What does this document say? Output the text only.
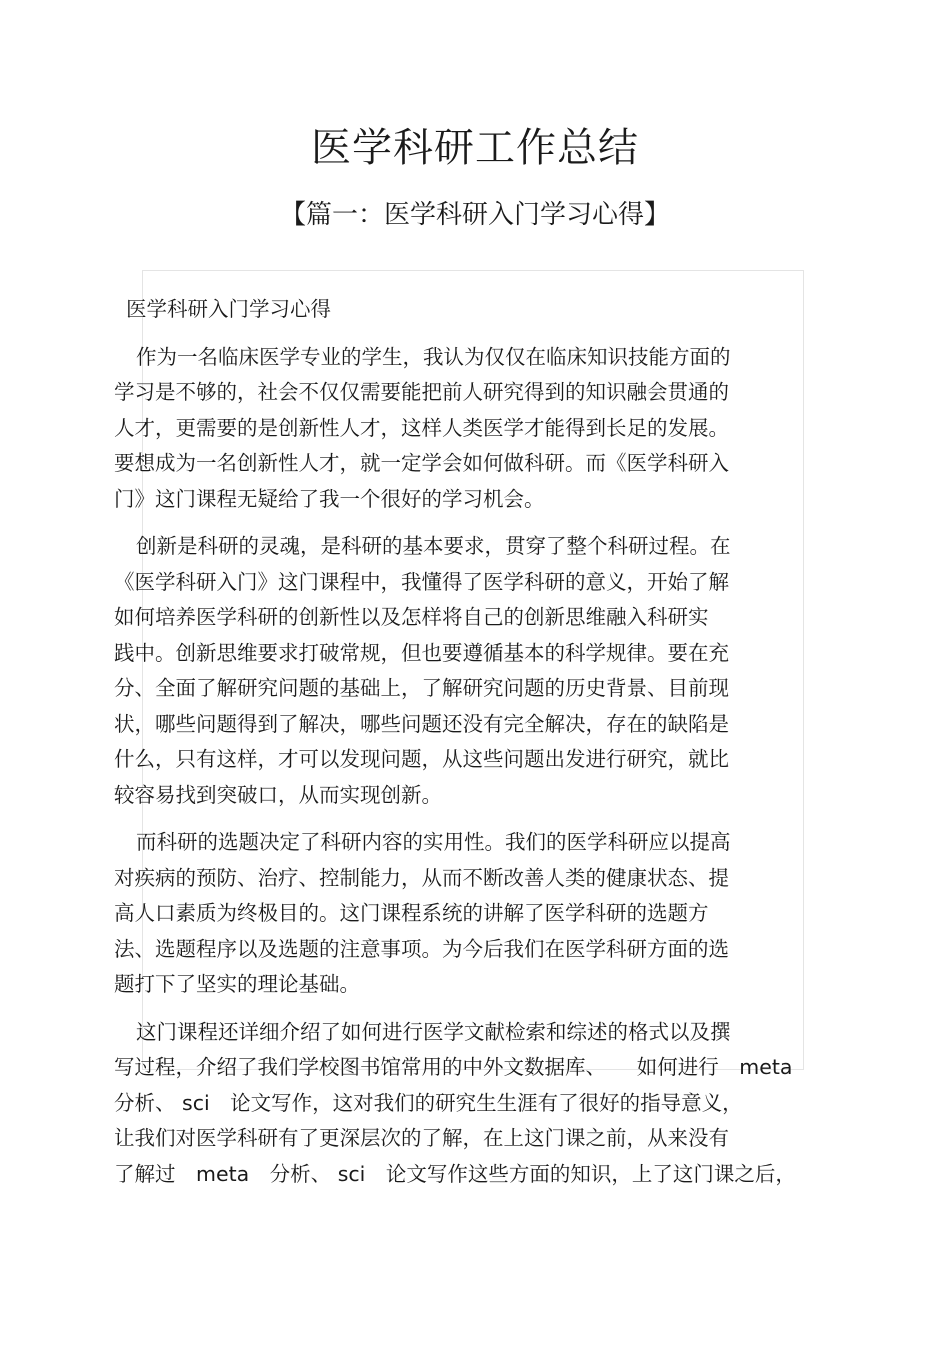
医学科研工作总结
【篇一：医学科研入门学习心得】

医学科研入门学习心得

作为一名临床医学专业的学生，我认为仅仅在临床知识技能方面的
学习是不够的，社会不仅仅需要能把前人研究得到的知识融会贯通的
人才，更需要的是创新性人才，这样人类医学才能得到长足的发展。
要想成为一名创新性人才，就一定学会如何做科研。而《医学科研入
门》这门课程无疑给了我一个很好的学习机会。

创新是科研的灵魂，是科研的基本要求，贯穿了整个科研过程。在
《医学科研入门》这门课程中，我懂得了医学科研的意义，开始了解
如何培养医学科研的创新性以及怎样将自己的创新思维融入科研实
践中。创新思维要求打破常规，但也要遵循基本的科学规律。要在充
分、全面了解研究问题的基础上，了解研究问题的历史背景、目前现
状，哪些问题得到了解决，哪些问题还没有完全解决，存在的缺陷是
什么，只有这样，才可以发现问题，从这些问题出发进行研究，就比
较容易找到突破口，从而实现创新。

而科研的选题决定了科研内容的实用性。我们的医学科研应以提高
对疾病的预防、治疗、控制能力，从而不断改善人类的健康状态、提
高人口素质为终极目的。这门课程系统的讲解了医学科研的选题方
法、选题程序以及选题的注意事项。为今后我们在医学科研方面的选
题打下了坚实的理论基础。

这门课程还详细介绍了如何进行医学文献检索和综述的格式以及撰
写过程，介绍了我们学校图书馆常用的中外文数据库、　　如何进行　meta
分析、 sci　论文写作，这对我们的研究生生涯有了很好的指导意义，
让我们对医学科研有了更深层次的了解，在上这门课之前，从来没有
了解过　meta　分析、 sci　论文写作这些方面的知识，上了这门课之后，
